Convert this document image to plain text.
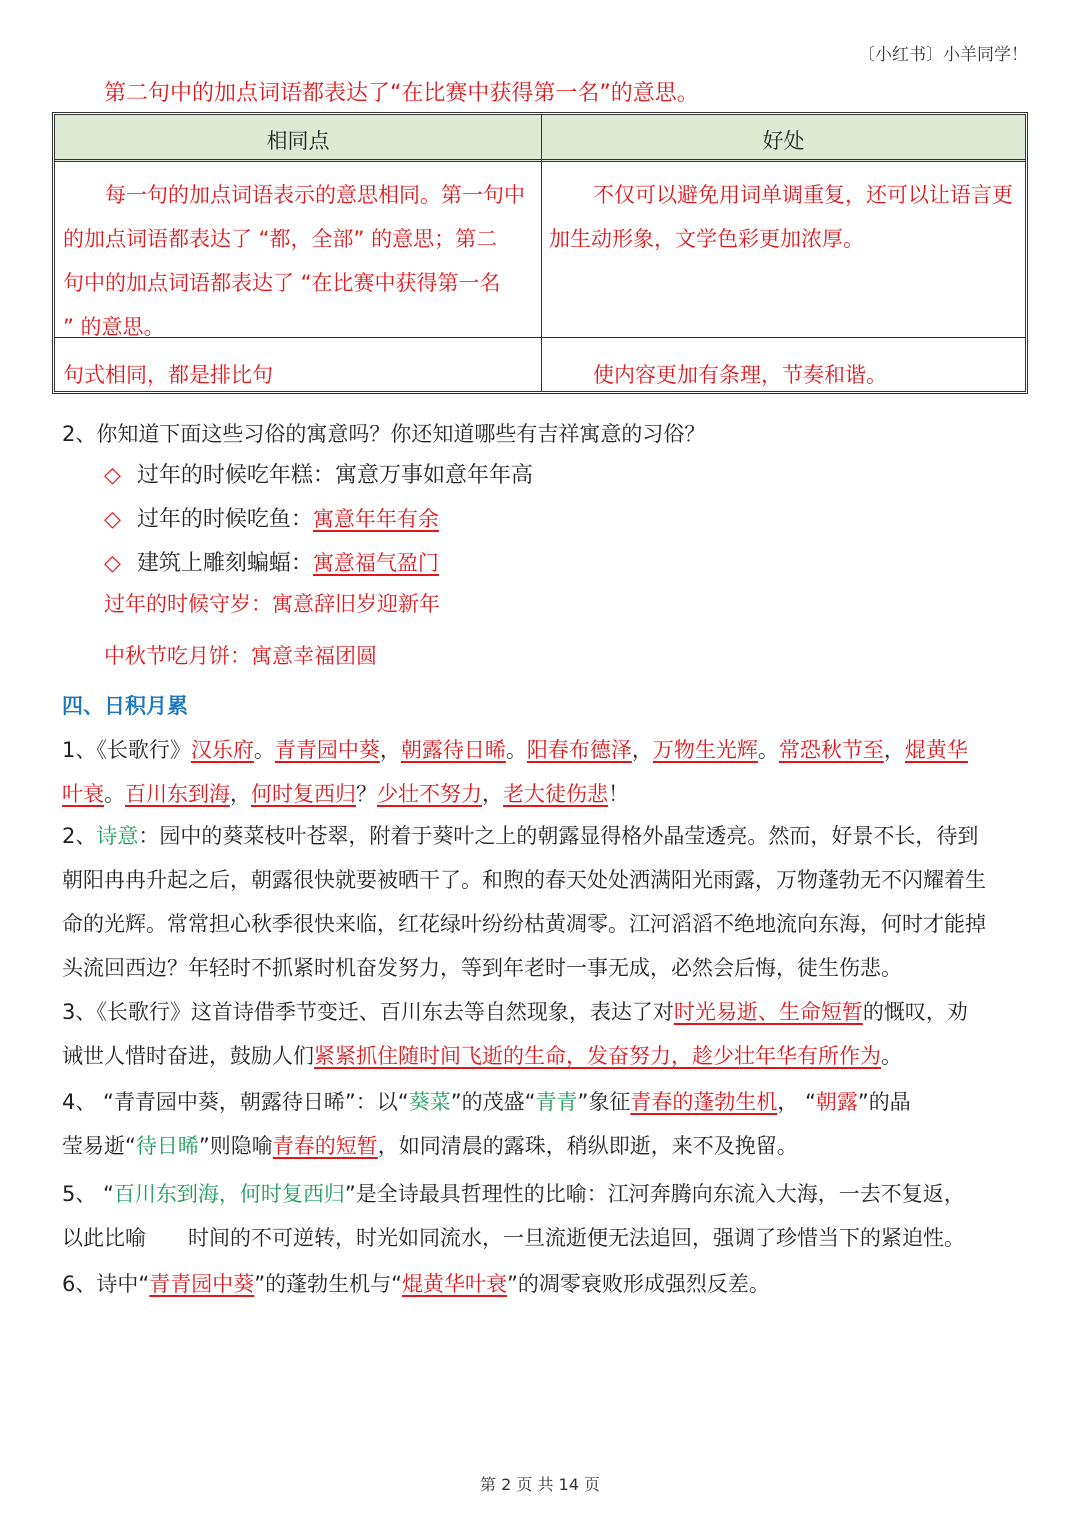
〔小红书〕小羊同学！
第二句中的加点词语都表达了“在比赛中获得第一名”的意思。
相同点	好处
每一句的加点词语表示的意思相同。第一句中
的加点词语都表达了 “都，全部” 的意思；第二
句中的加点词语都表达了 “在比赛中获得第一名
” 的意思。
不仅可以避免用词单调重复，还可以让语言更
加生动形象，文学色彩更加浓厚。
句式相同，都是排比句	使内容更加有条理，节奏和谐。
2、你知道下面这些习俗的寓意吗？你还知道哪些有吉祥寓意的习俗？
◇ 过年的时候吃年糕：寓意万事如意年年高
◇ 过年的时候吃鱼：寓意年年有余
◇ 建筑上雕刻蝙蝠：寓意福气盈门
过年的时候守岁：寓意辞旧岁迎新年
中秋节吃月饼：寓意幸福团圆
四、日积月累
1、《长歌行》汉乐府。青青园中葵，朝露待日晞。阳春布德泽，万物生光辉。常恐秋节至，焜黄华
叶衰。百川东到海，何时复西归？少壮不努力，老大徒伤悲！
2、诗意：园中的葵菜枝叶苍翠，附着于葵叶之上的朝露显得格外晶莹透亮。然而，好景不长，待到
朝阳冉冉升起之后，朝露很快就要被晒干了。和煦的春天处处洒满阳光雨露，万物蓬勃无不闪耀着生
命的光辉。常常担心秋季很快来临，红花绿叶纷纷枯黄凋零。江河滔滔不绝地流向东海，何时才能掉
头流回西边？年轻时不抓紧时机奋发努力，等到年老时一事无成，必然会后悔，徒生伤悲。
3、《长歌行》这首诗借季节变迁、百川东去等自然现象，表达了对时光易逝、生命短暂的慨叹，劝
诫世人惜时奋进，鼓励人们紧紧抓住随时间飞逝的生命，发奋努力，趁少壮年华有所作为。
4、 “青青园中葵，朝露待日晞”：以“葵菜”的茂盛“青青”象征青春的蓬勃生机， “朝露”的晶
莹易逝“待日晞”则隐喻青春的短暂，如同清晨的露珠，稍纵即逝，来不及挽留。
5、 “百川东到海，何时复西归”是全诗最具哲理性的比喻：江河奔腾向东流入大海，一去不复返，
以此比喻　　时间的不可逆转，时光如同流水，一旦流逝便无法追回，强调了珍惜当下的紧迫性。
6、诗中“青青园中葵”的蓬勃生机与“焜黄华叶衰”的凋零衰败形成强烈反差。
第 2 页 共 14 页
